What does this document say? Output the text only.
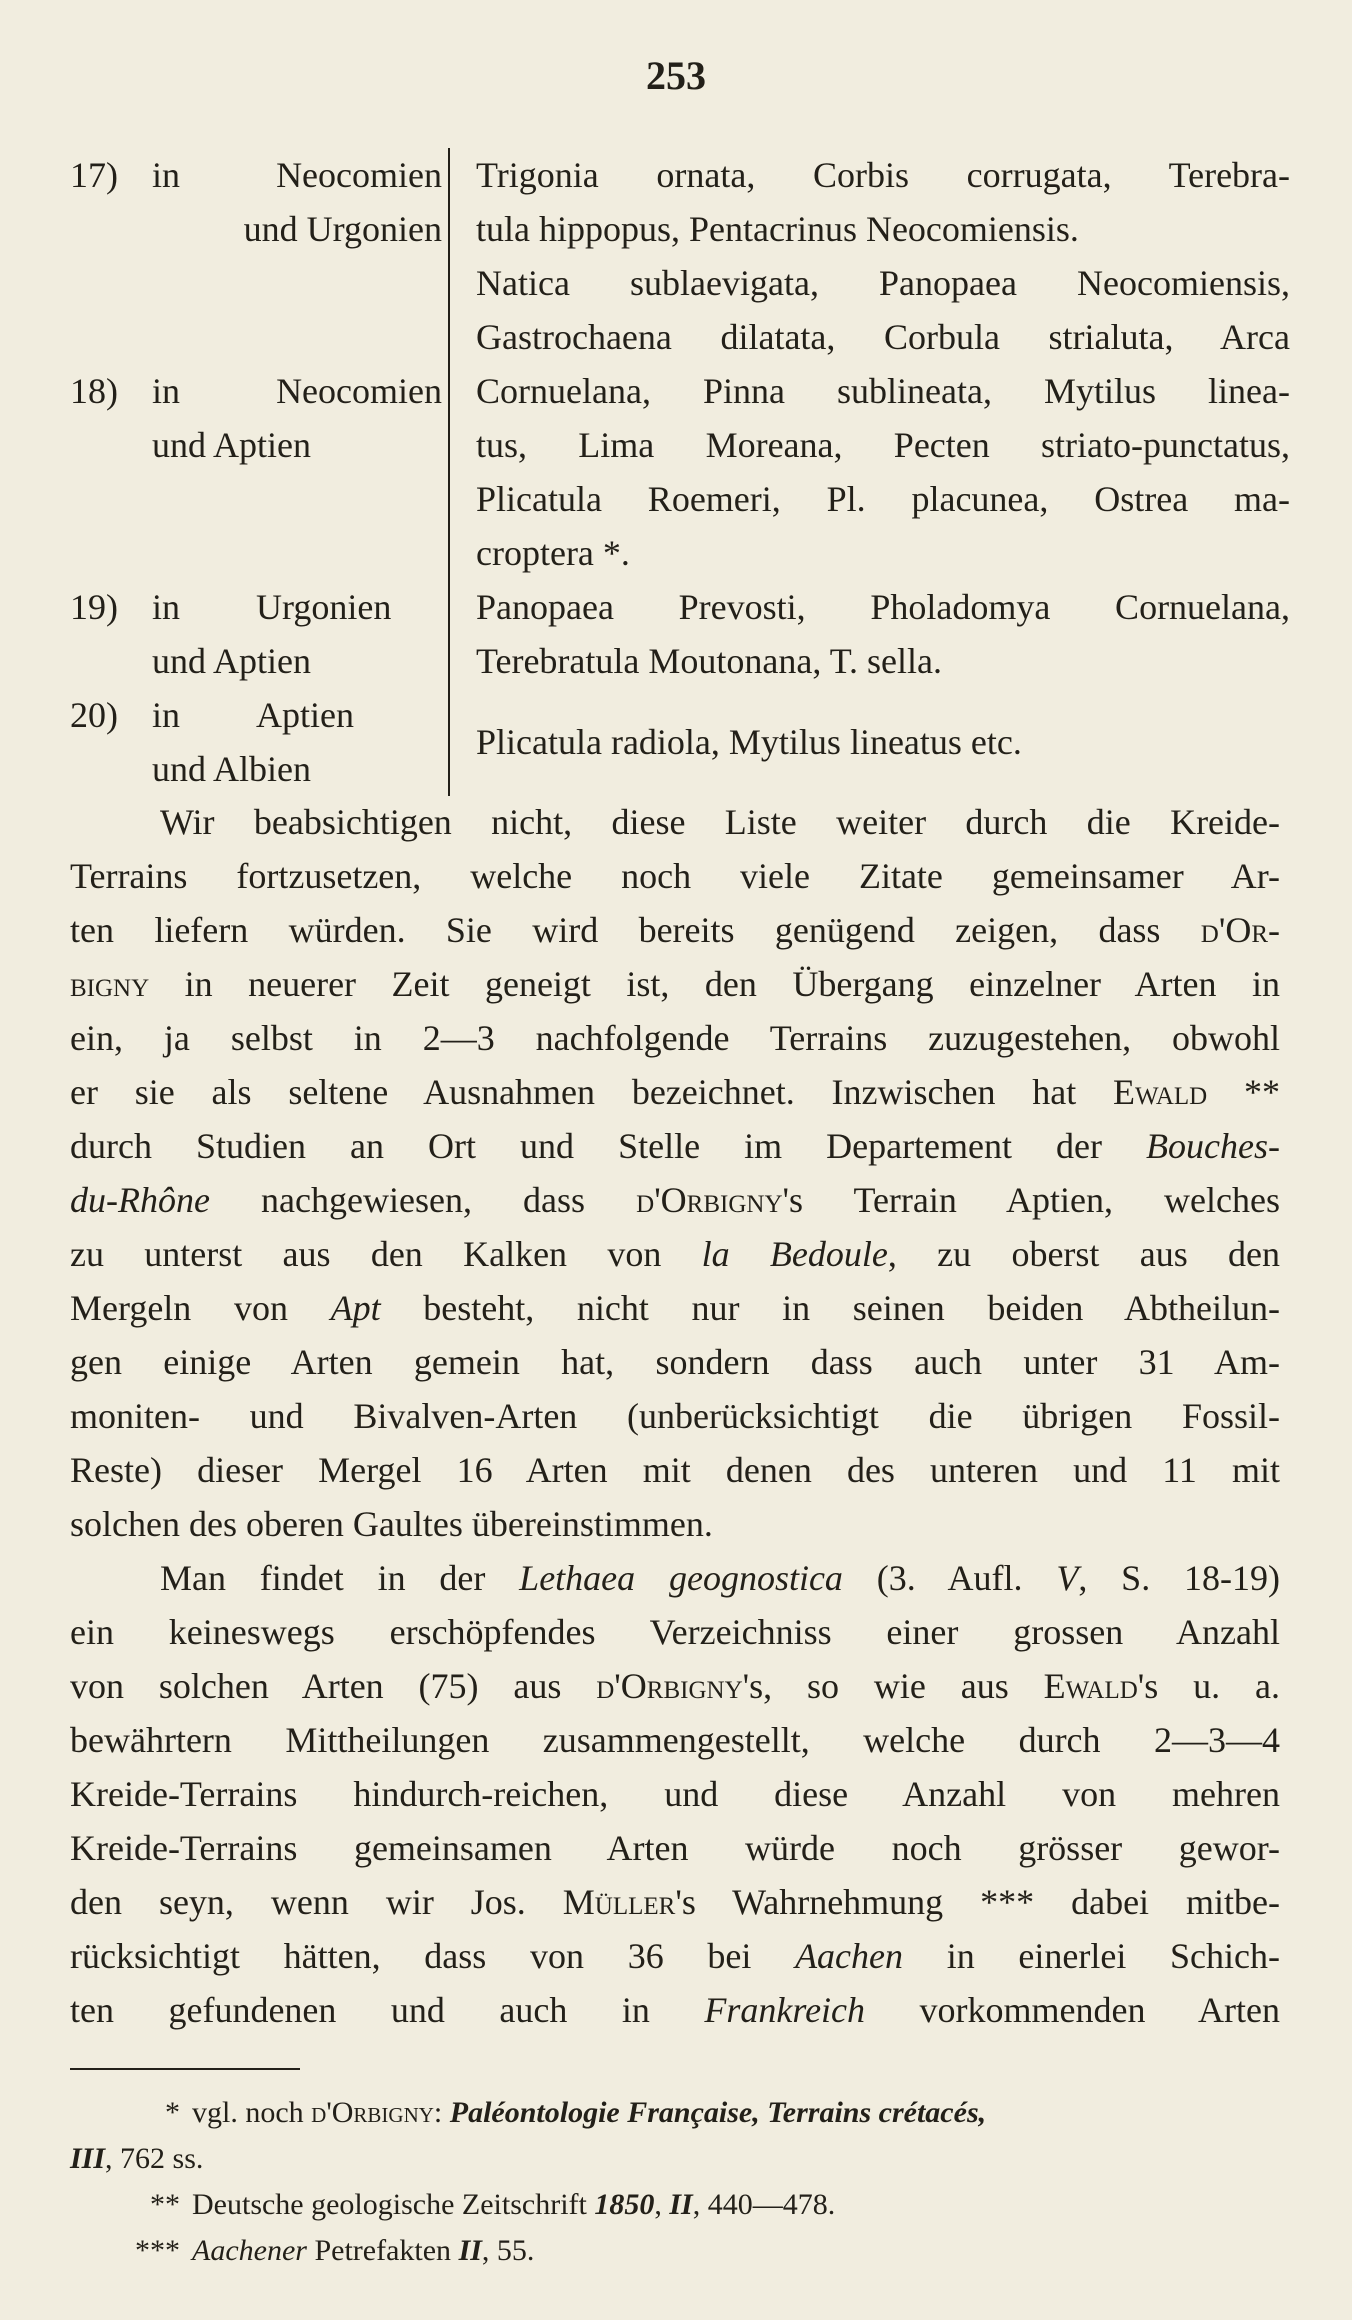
253
17) in	Neocomien
und Urgonien
Trigonia ornata, Corbis corrugata, Terebra-
tula hippopus, Pentacrinus Neocomiensis.
18) in	Neocomien
und Aptien
Natica sublaevigata, Panopaea Neocomiensis,
Gastrochaena dilatata, Corbula strialuta, Arca
Cornuelana, Pinna sublineata, Mytilus linea-
tus, Lima Moreana, Pecten striato-punctatus,
Plicatula Roemeri, Pl. placunea, Ostrea ma-
croptera *.
19) in	Urgonien
und Aptien
Panopaea Prevosti, Pholadomya Cornuelana,
Terebratula Moutonana, T. sella.
20) in	Aptien
und Albien
Plicatula radiola, Mytilus lineatus etc.
Wir beabsichtigen nicht, diese Liste weiter durch die Kreide-
Terrains fortzusetzen, welche noch viele Zitate gemeinsamer Ar-
ten liefern würden. Sie wird bereits genügend zeigen, dass d'Or-
bigny in neuerer Zeit geneigt ist, den Übergang einzelner Arten in
ein, ja selbst in 2—3 nachfolgende Terrains zuzugestehen, obwohl
er sie als seltene Ausnahmen bezeichnet. Inzwischen hat Ewald **
durch Studien an Ort und Stelle im Departement der Bouches-
du-Rhône nachgewiesen, dass d'Orbigny's Terrain Aptien, welches
zu unterst aus den Kalken von la Bedoule, zu oberst aus den
Mergeln von Apt besteht, nicht nur in seinen beiden Abtheilun-
gen einige Arten gemein hat, sondern dass auch unter 31 Am-
moniten- und Bivalven-Arten (unberücksichtigt die übrigen Fossil-
Reste) dieser Mergel 16 Arten mit denen des unteren und 11 mit
solchen des oberen Gaultes übereinstimmen.
Man findet in der Lethaea geognostica (3. Aufl. V, S. 18-19)
ein keineswegs erschöpfendes Verzeichniss einer grossen Anzahl
von solchen Arten (75) aus d'Orbigny's, so wie aus Ewald's u. a.
bewährtern Mittheilungen zusammengestellt, welche durch 2—3—4
Kreide-Terrains hindurch-reichen, und diese Anzahl von mehren
Kreide-Terrains gemeinsamen Arten würde noch grösser gewor-
den seyn, wenn wir Jos. Müller's Wahrnehmung *** dabei mitbe-
rücksichtigt hätten, dass von 36 bei Aachen in einerlei Schich-
ten gefundenen und auch in Frankreich vorkommenden Arten
* vgl. noch d'Orbigny: Paléontologie Française, Terrains crétacés,
III, 762 ss.
** Deutsche geologische Zeitschrift 1850, II, 440—478.
*** Aachener Petrefakten II, 55.
